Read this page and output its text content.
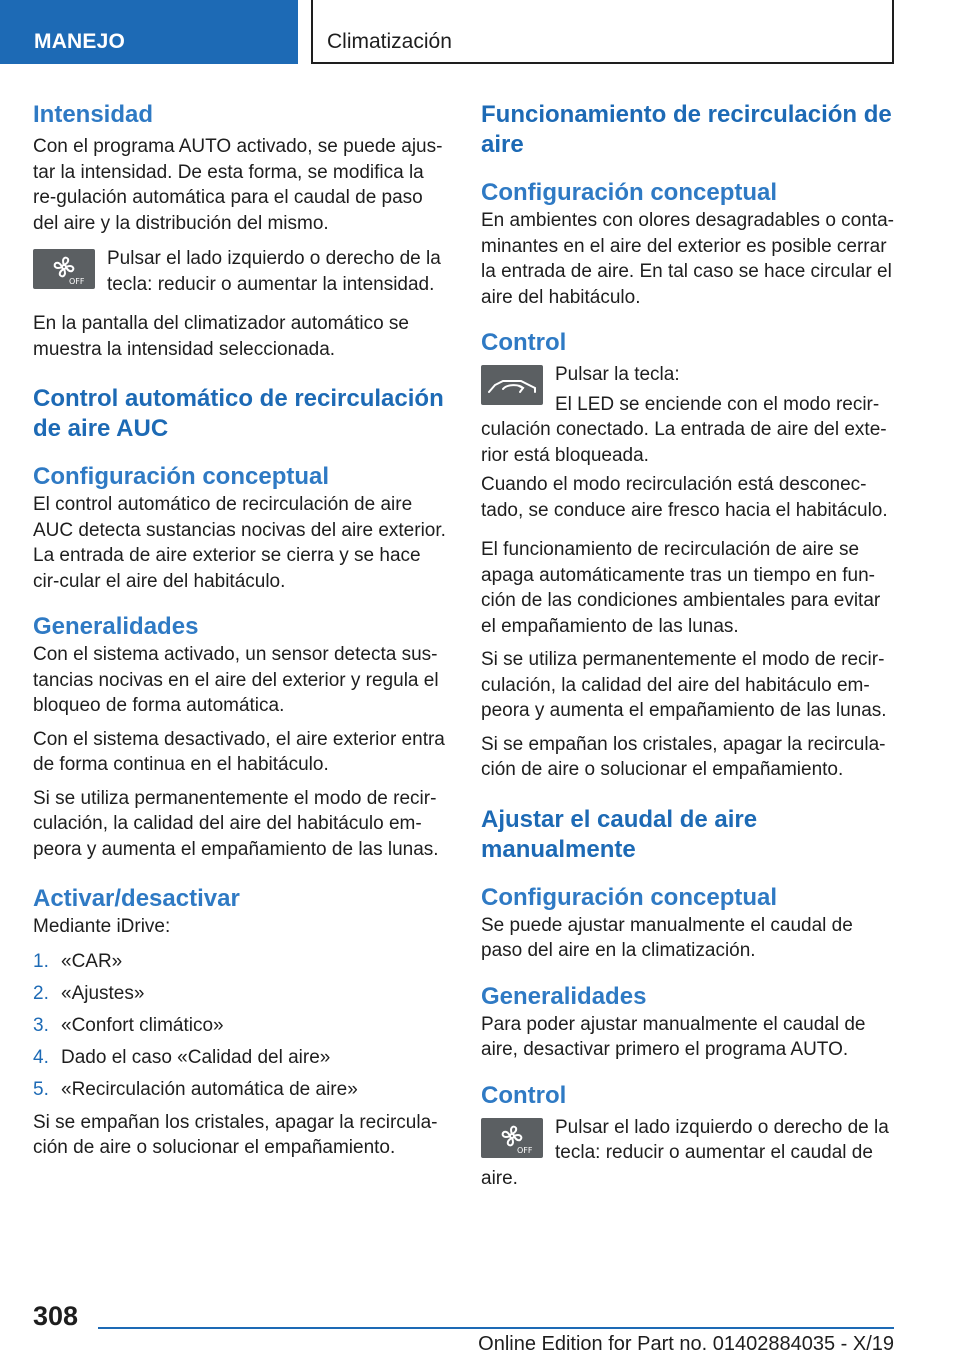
MANEJO	Climatización
Intensidad

Con el programa AUTO activado, se puede ajus-tar la intensidad. De esta forma, se modifica la re-gulación automática para el caudal de paso del aire y la distribución del mismo.

OFF

Pulsar el lado izquierdo o derecho de la tecla: reducir o aumentar la intensidad.

En la pantalla del climatizador automático se muestra la intensidad seleccionada.

Control automático de recirculación de aire AUC
Configuración conceptual

El control automático de recirculación de aire AUC detecta sustancias nocivas del aire exterior. La entrada de aire exterior se cierra y se hace cir-cular el aire del habitáculo.

Generalidades

Con el sistema activado, un sensor detecta sus-tancias nocivas en el aire del exterior y regula el bloqueo de forma automática.

Con el sistema desactivado, el aire exterior entra de forma continua en el habitáculo.

Si se utiliza permanentemente el modo de recir-culación, la calidad del aire del habitáculo em-peora y aumenta el empañamiento de las lunas.

Activar/desactivar

Mediante iDrive:

1. «CAR»
2. «Ajustes»
3. «Confort climático»
4. Dado el caso «Calidad del aire»
5. «Recirculación automática de aire»

Si se empañan los cristales, apagar la recircula-ción de aire o solucionar el empañamiento.

Funcionamiento de recirculación de aire
Configuración conceptual

En ambientes con olores desagradables o conta-minantes en el aire del exterior es posible cerrar la entrada de aire. En tal caso se hace circular el aire del habitáculo.

Control

Pulsar la tecla:

El LED se enciende con el modo recir-culación conectado. La entrada de aire del exte-rior está bloqueada.

Cuando el modo recirculación está desconec-tado, se conduce aire fresco hacia el habitáculo.

El funcionamiento de recirculación de aire se apaga automáticamente tras un tiempo en fun-ción de las condiciones ambientales para evitar el empañamiento de las lunas.

Si se utiliza permanentemente el modo de recir-culación, la calidad del aire del habitáculo em-peora y aumenta el empañamiento de las lunas.

Si se empañan los cristales, apagar la recircula-ción de aire o solucionar el empañamiento.

Ajustar el caudal de aire manualmente
Configuración conceptual

Se puede ajustar manualmente el caudal de paso del aire en la climatización.

Generalidades

Para poder ajustar manualmente el caudal de aire, desactivar primero el programa AUTO.

Control
OFF

Pulsar el lado izquierdo o derecho de la tecla: reducir o aumentar el caudal de aire.

308
Online Edition for Part no. 01402884035 - X/19
